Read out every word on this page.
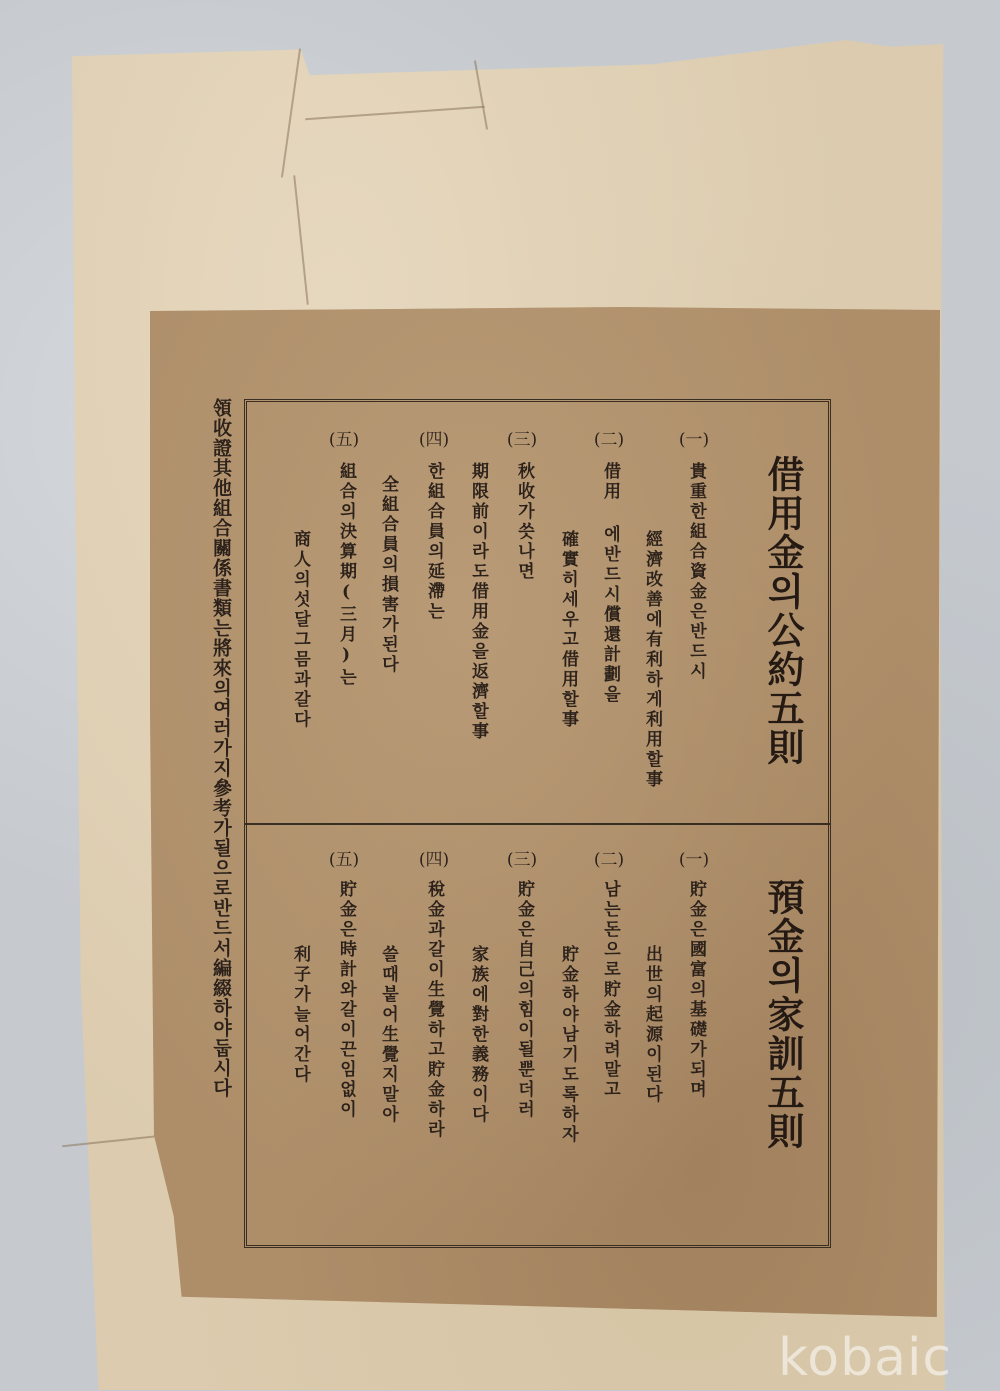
領收證其他組合關係書類는將來의여러가지參考가될으로반드서編綴하야둡시다	借用金의公約五則
(一)
貴重한組合資金은반드시
經濟改善에有利하게利用할事
(二)
借用 에반드시償還計劃을
確實히세우고借用할事
(三)
秋收가씃나면
期限前이라도借用金을返濟할事
(四)
한組合員의延滯는
全組合員의損害가된다
(五)
組合의決算期(三月)는
商人의섯달그믐과갈다
預金의家訓五則
(一)
貯金은國富의基礎가되며
出世의起源이된다
(二)
남는돈으로貯金하려말고
貯金하야남기도록하자
(三)
貯金은自己의힘이될뿐더러
家族에對한義務이다
(四)
稅金과갈이生覺하고貯金하라
쓸때붙어生覺지말아
(五)
貯金은時計와갈이끈임없이
利子가늘어간다
kobaic
